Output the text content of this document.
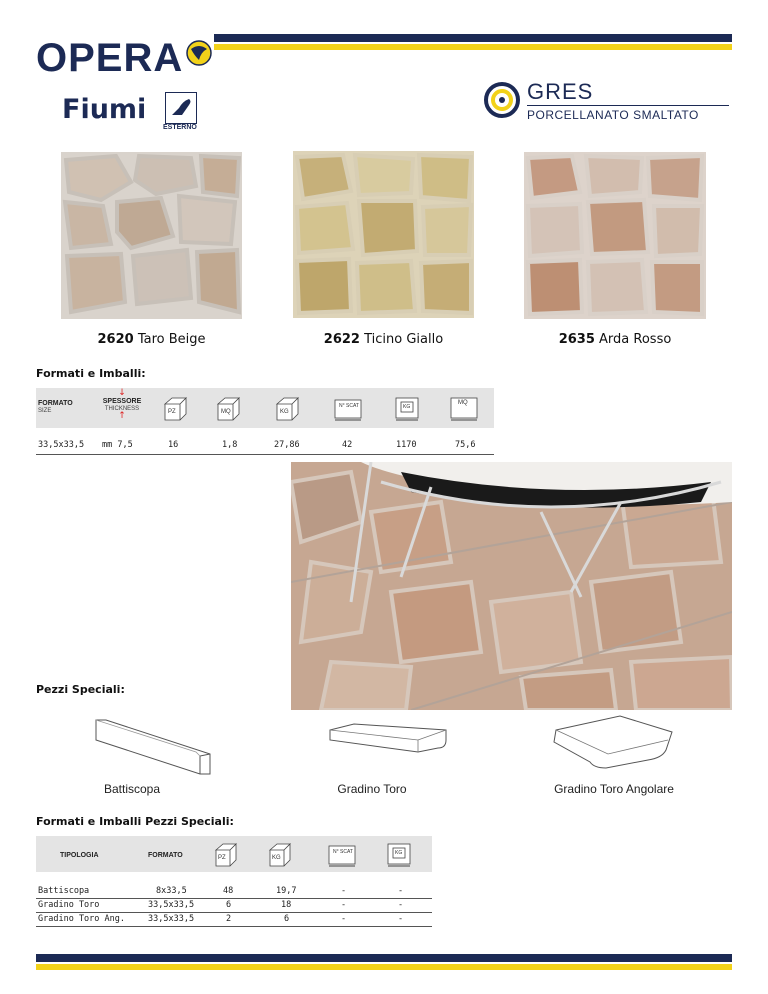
OPERA
Fiumi
ESTERNO
GRES
PORCELLANATO SMALTATO
2620 Taro Beige	2622 Ticino Giallo	2635 Arda Rosso
Formati e Imballi:
FORMATO
SIZE
↓
SPESSORE
THICKNESS
↑	PZ	MQ	KG
N° SCAT	KG
MQ
33,5x33,5 mm 7,5	16	1,8	27,86	42	1170	75,6
Pezzi Speciali:
Battiscopa	Gradino Toro	Gradino Toro Angolare
Formati e Imballi Pezzi Speciali:
TIPOLOGIA	FORMATO	PZ	KG
N° SCAT	KG
Battiscopa	8x33,5	48	19,7	-	-
Gradino Toro	33,5x33,5	6	18	-	-
Gradino Toro Ang.	33,5x33,5	2	6	-	-
